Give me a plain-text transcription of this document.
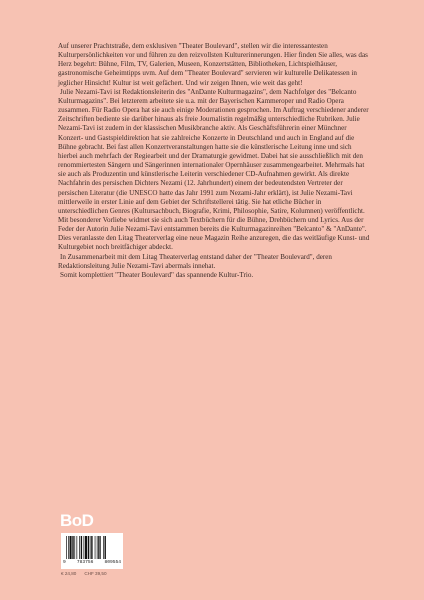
Auf unserer Prachtstraße, dem exklusiven "Theater Boulevard", stellen wir die interessantesten Kulturpersönlichkeiten vor und führen zu den reizvollsten Kulturerinnerungen. Hier finden Sie alles, was das Herz begehrt: Bühne, Film, TV, Galerien, Museen, Konzertstätten, Bibliotheken, Lichtspielhäuser, gastronomische Geheimtipps uvm. Auf dem "Theater Boulevard" servieren wir kulturelle Delikatessen in jeglicher Hinsicht! Kultur ist weit gefächert. Und wir zeigen Ihnen, wie weit das geht!

Julie Nezami-Tavi ist Redaktionsleiterin des "AnDante Kulturmagazins", dem Nachfolger des "Belcanto Kulturmagazins". Bei letzterem arbeitete sie u.a. mit der Bayerischen Kammeroper und Radio Opera zusammen. Für Radio Opera hat sie auch einige Moderationen gesprochen. Im Auftrag verschiedener anderer Zeitschriften bediente sie darüber hinaus als freie Journalistin regelmäßig unterschiedliche Rubriken. Julie Nezami-Tavi ist zudem in der klassischen Musikbranche aktiv. Als Geschäftsführerin einer Münchner Konzert- und Gastspieldirektion hat sie zahlreiche Konzerte in Deutschland und auch in England auf die Bühne gebracht. Bei fast allen Konzertveranstaltungen hatte sie die künstlerische Leitung inne und sich hierbei auch mehrfach der Regiearbeit und der Dramaturgie gewidmet. Dabei hat sie ausschließlich mit den renommiertesten Sängern und Sängerinnen internationaler Opernhäuser zusammengearbeitet. Mehrmals hat sie auch als Produzentin und künstlerische Leiterin verschiedener CD-Aufnahmen gewirkt. Als direkte Nachfahrin des persischen Dichters Nezami (12. Jahrhundert) einem der bedeutendsten Vertreter der persischen Literatur (die UNESCO hatte das Jahr 1991 zum Nezami-Jahr erklärt), ist Julie Nezami-Tavi mittlerweile in erster Linie auf dem Gebiet der Schriftstellerei tätig. Sie hat etliche Bücher in unterschiedlichen Genres (Kultursachbuch, Biografie, Krimi, Philosophie, Satire, Kolumnen) veröffentlicht. Mit besonderer Vorliebe widmet sie sich auch Textbüchern für die Bühne, Drehbüchern und Lyrics. Aus der Feder der Autorin Julie Nezami-Tavi entstammen bereits die Kulturmagazinreihen "Belcanto" & "AnDante". Dies veranlasste den Litag Theaterverlag eine neue Magazin Reihe anzuregen, die das weitläufige Kunst- und Kulturgebiet noch breitfächiger abdeckt.

In Zusammenarbeit mit dem Litag Theaterverlag entstand daher der "Theater Boulevard", deren Redaktionsleitung Julie Nezami-Tavi abermals innehat.

Somit komplettiert "Theater Boulevard" das spannende Kultur-Trio.

BoD
9 783756 809554
€ 24,80 CHF 39,50
